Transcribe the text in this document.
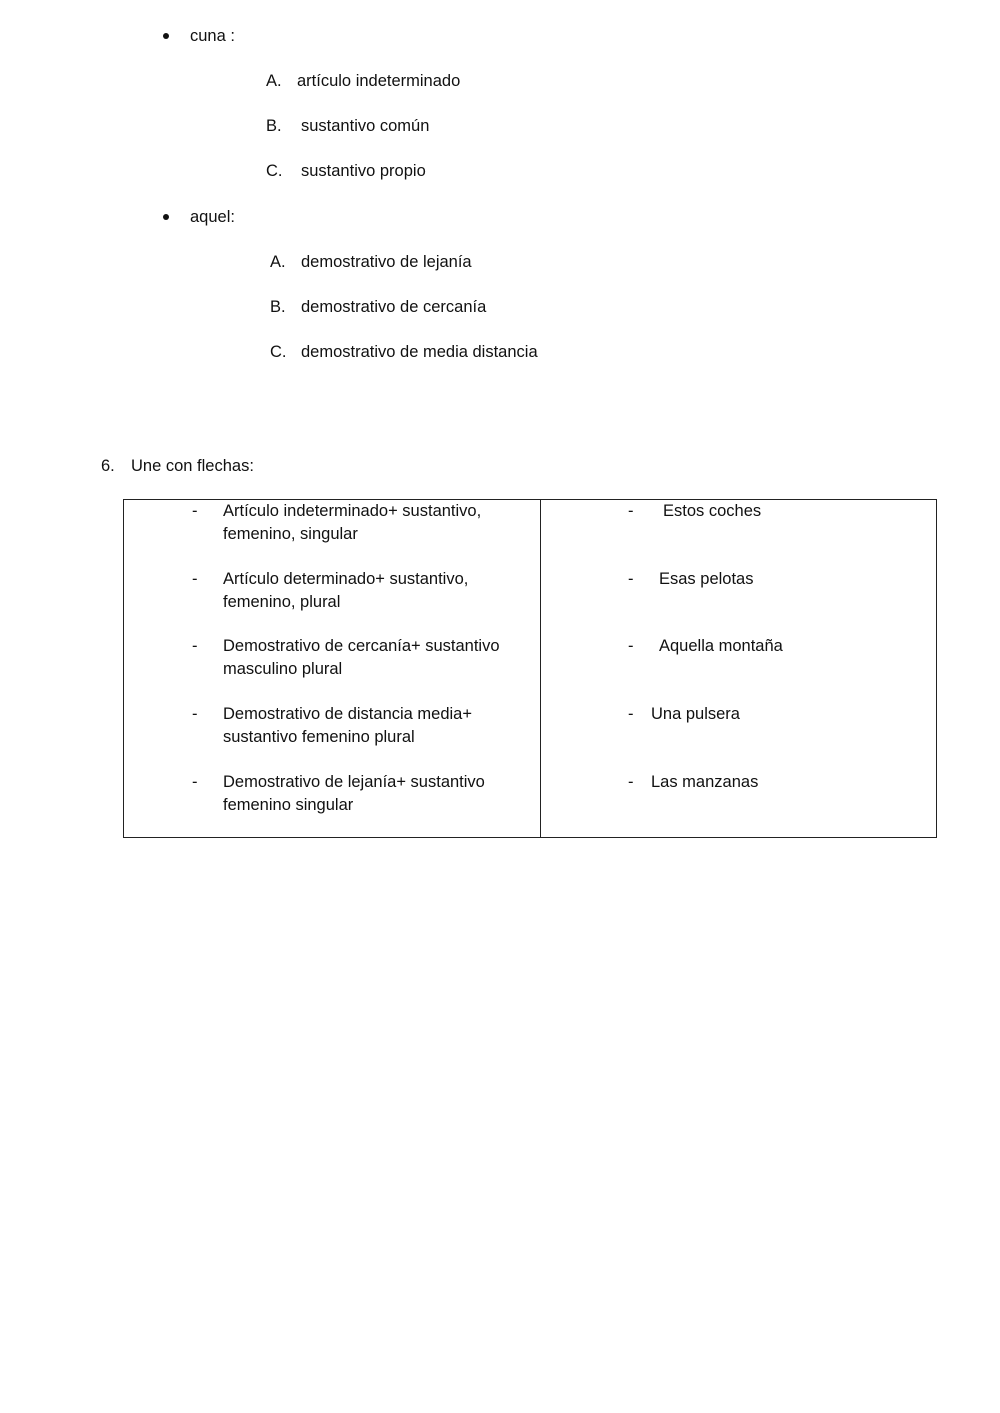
cuna :
A. artículo indeterminado
B. sustantivo común
C. sustantivo propio
aquel:
A. demostrativo de lejanía
B. demostrativo de cercanía
C. demostrativo de media distancia
6. Une con flechas:
- Artículo indeterminado+ sustantivo,
femenino, singular
- Artículo determinado+ sustantivo,
femenino, plural
- Demostrativo de cercanía+ sustantivo
masculino plural
- Demostrativo de distancia media+
sustantivo femenino plural
- Demostrativo de lejanía+ sustantivo
femenino singular
- Estos coches
- Esas pelotas
- Aquella montaña
- Una pulsera
- Las manzanas
